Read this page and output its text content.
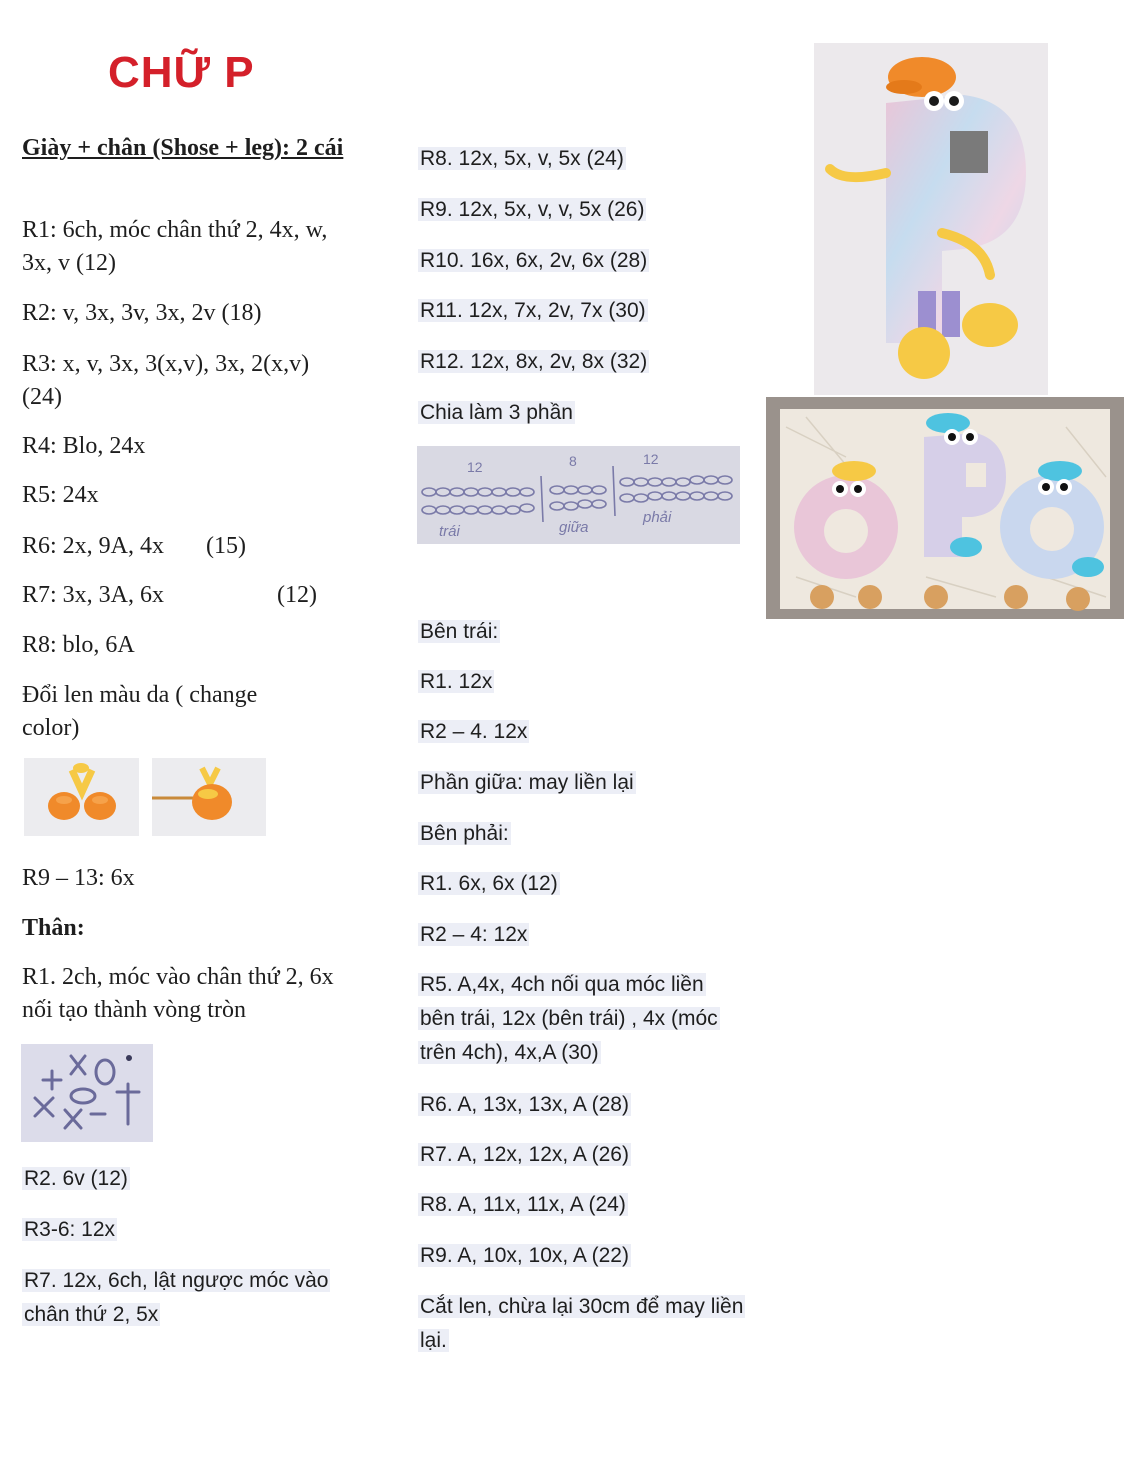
CHỮ P
Giày + chân (Shose + leg): 2 cái
R1: 6ch, móc chân thứ 2, 4x, w, 3x, v (12)
R2: v, 3x, 3v, 3x, 2v (18)
R3: x, v, 3x, 3(x,v), 3x, 2(x,v) (24)
R4: Blo, 24x
R5: 24x
R6: 2x, 9A, 4x (15)
R7: 3x, 3A, 6x	(12)
R8: blo, 6A
Đổi len màu da ( change color)
R9 – 13: 6x
Thân:
R1. 2ch, móc vào chân thứ 2, 6x nối tạo thành vòng tròn
R2. 6v (12)
R3-6: 12x
R7. 12x, 6ch, lật ngược móc vào chân thứ 2, 5x
R8. 12x, 5x, v, 5x (24)
R9. 12x, 5x, v, v, 5x (26)
R10. 16x, 6x, 2v, 6x (28)
R11. 12x, 7x, 2v, 7x (30)
R12. 12x, 8x, 2v, 8x (32)
Chia làm 3 phần
12	8	12
trái	giữa
phải
Bên trái:
R1. 12x
R2 – 4. 12x
Phần giữa: may liền lại
Bên phải:
R1. 6x, 6x (12)
R2 – 4: 12x
R5. A,4x, 4ch nối qua móc liền bên trái, 12x (bên trái) , 4x (móc trên 4ch), 4x,A (30)
R6. A, 13x, 13x, A (28)
R7. A, 12x, 12x, A (26)
R8. A, 11x, 11x, A (24)
R9. A, 10x, 10x, A (22)
Cắt len, chừa lại 30cm để may liền lại.
